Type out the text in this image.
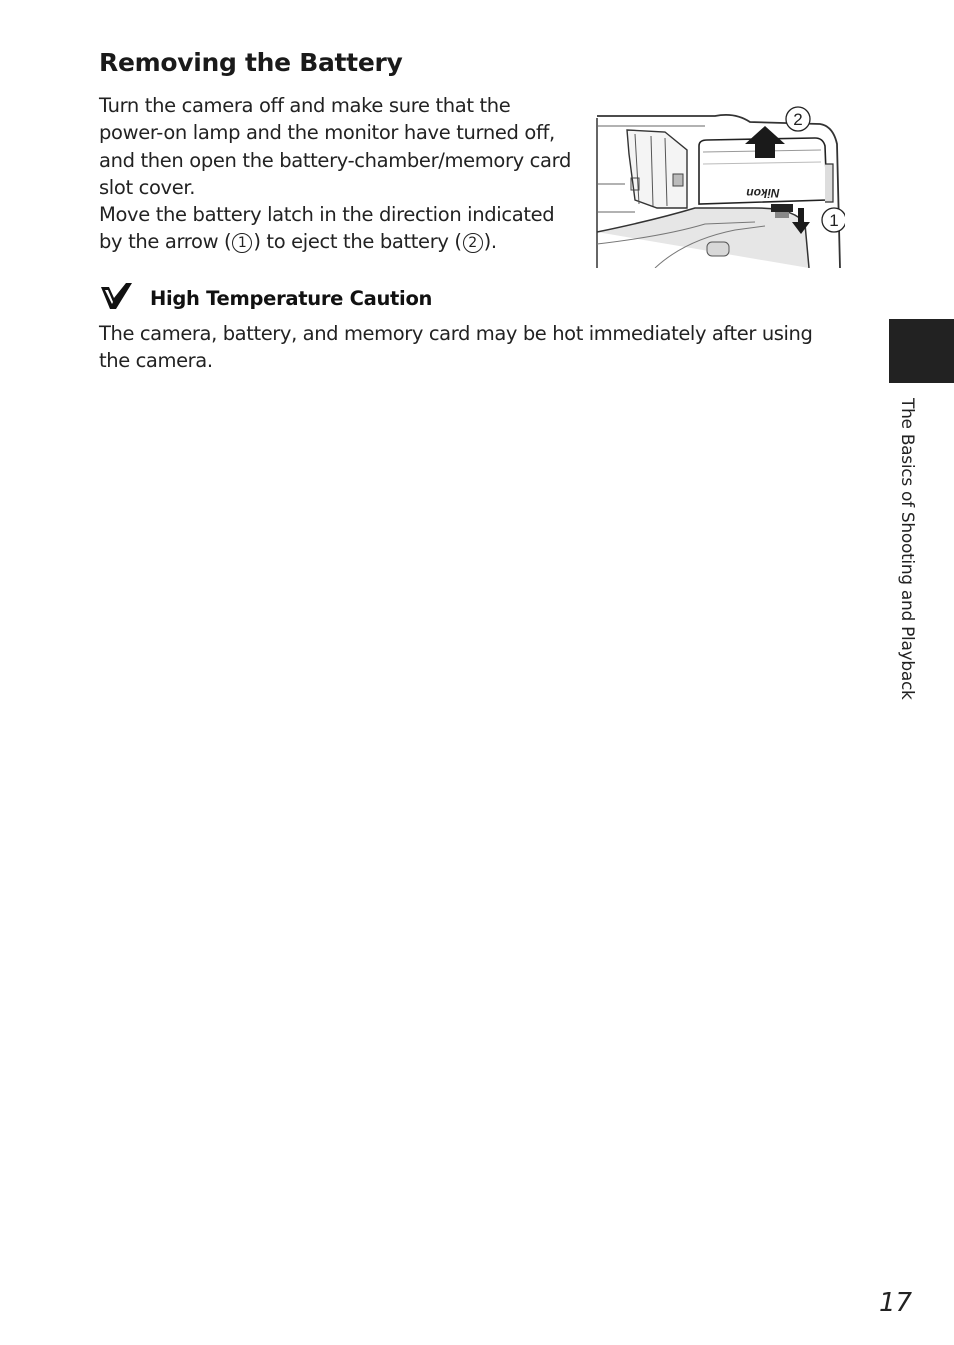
Removing the Battery

Turn the camera off and make sure that the power-on lamp and the monitor have turned off, and then open the battery-chamber/memory card slot cover.

Move the battery latch in the direction indicated by the arrow ( 1 ) to eject the battery ( 2 ).

Nikon
2
1
High Temperature Caution
The camera, battery, and memory card may be hot immediately after using the camera.
The Basics of Shooting and Playback
17
